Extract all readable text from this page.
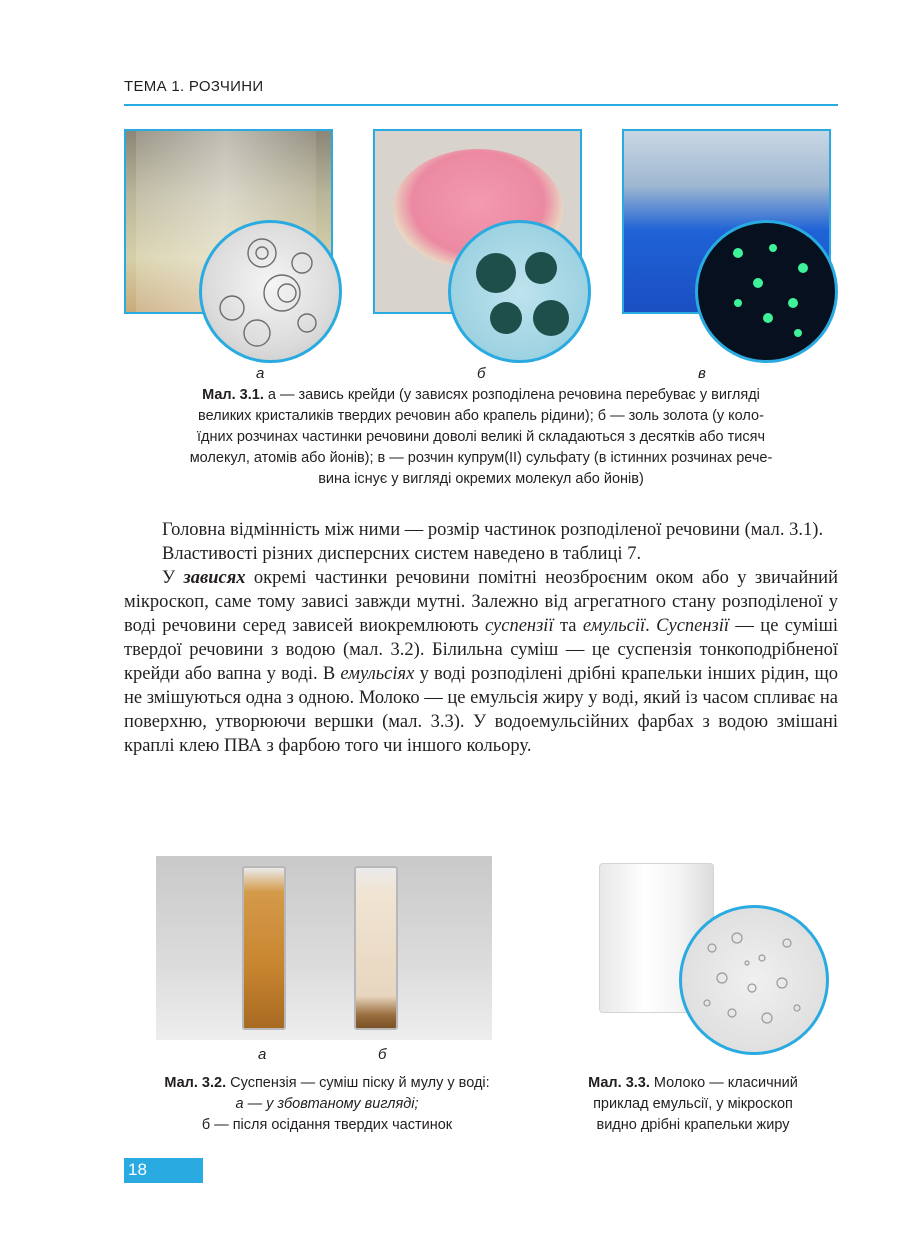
ТЕМА 1. РОЗЧИНИ
а	б	в
Мал. 3.1. а — завись крейди (у зависях розподілена речовина перебуває у вигляді
великих кристаликів твердих речовин або крапель рідини); б — золь золота (у коло-
їдних розчинах частинки речовини доволі великі й складаються з десятків або тисяч
молекул, атомів або йонів); в — розчин купрум(II) сульфату (в істинних розчинах рече-
вина існує у вигляді окремих молекул або йонів)

Головна відмінність між ними — розмір частинок розподіленої речовини (мал. 3.1).

Властивості різних дисперсних систем наведено в таблиці 7.

У зависях окремі частинки речовини помітні неозброєним оком або у звичайний мікроскоп, саме тому зависі завжди мутні. Залежно від агрегатного стану розподіленої у воді речовини серед зависей виокремлюють суспензії та емульсії. Суспензії — це суміші твердої речовини з водою (мал. 3.2). Білильна суміш — це суспензія тонкоподрібненої крейди або вапна у воді. В емульсіях у воді розподілені дрібні крапельки інших рідин, що не змішуються одна з одною. Молоко — це емульсія жиру у воді, який із часом спливає на поверхню, утворюючи вершки (мал. 3.3). У водоемульсійних фарбах з водою змішані краплі клею ПВА з фарбою того чи іншого кольору.

а	б
Мал. 3.2. Суспензія — суміш піску й мулу у воді:
а — у збовтаному вигляді;
б — після осідання твердих частинок
Мал. 3.3. Молоко — класичний
приклад емульсії, у мікроскоп
видно дрібні крапельки жиру
18
